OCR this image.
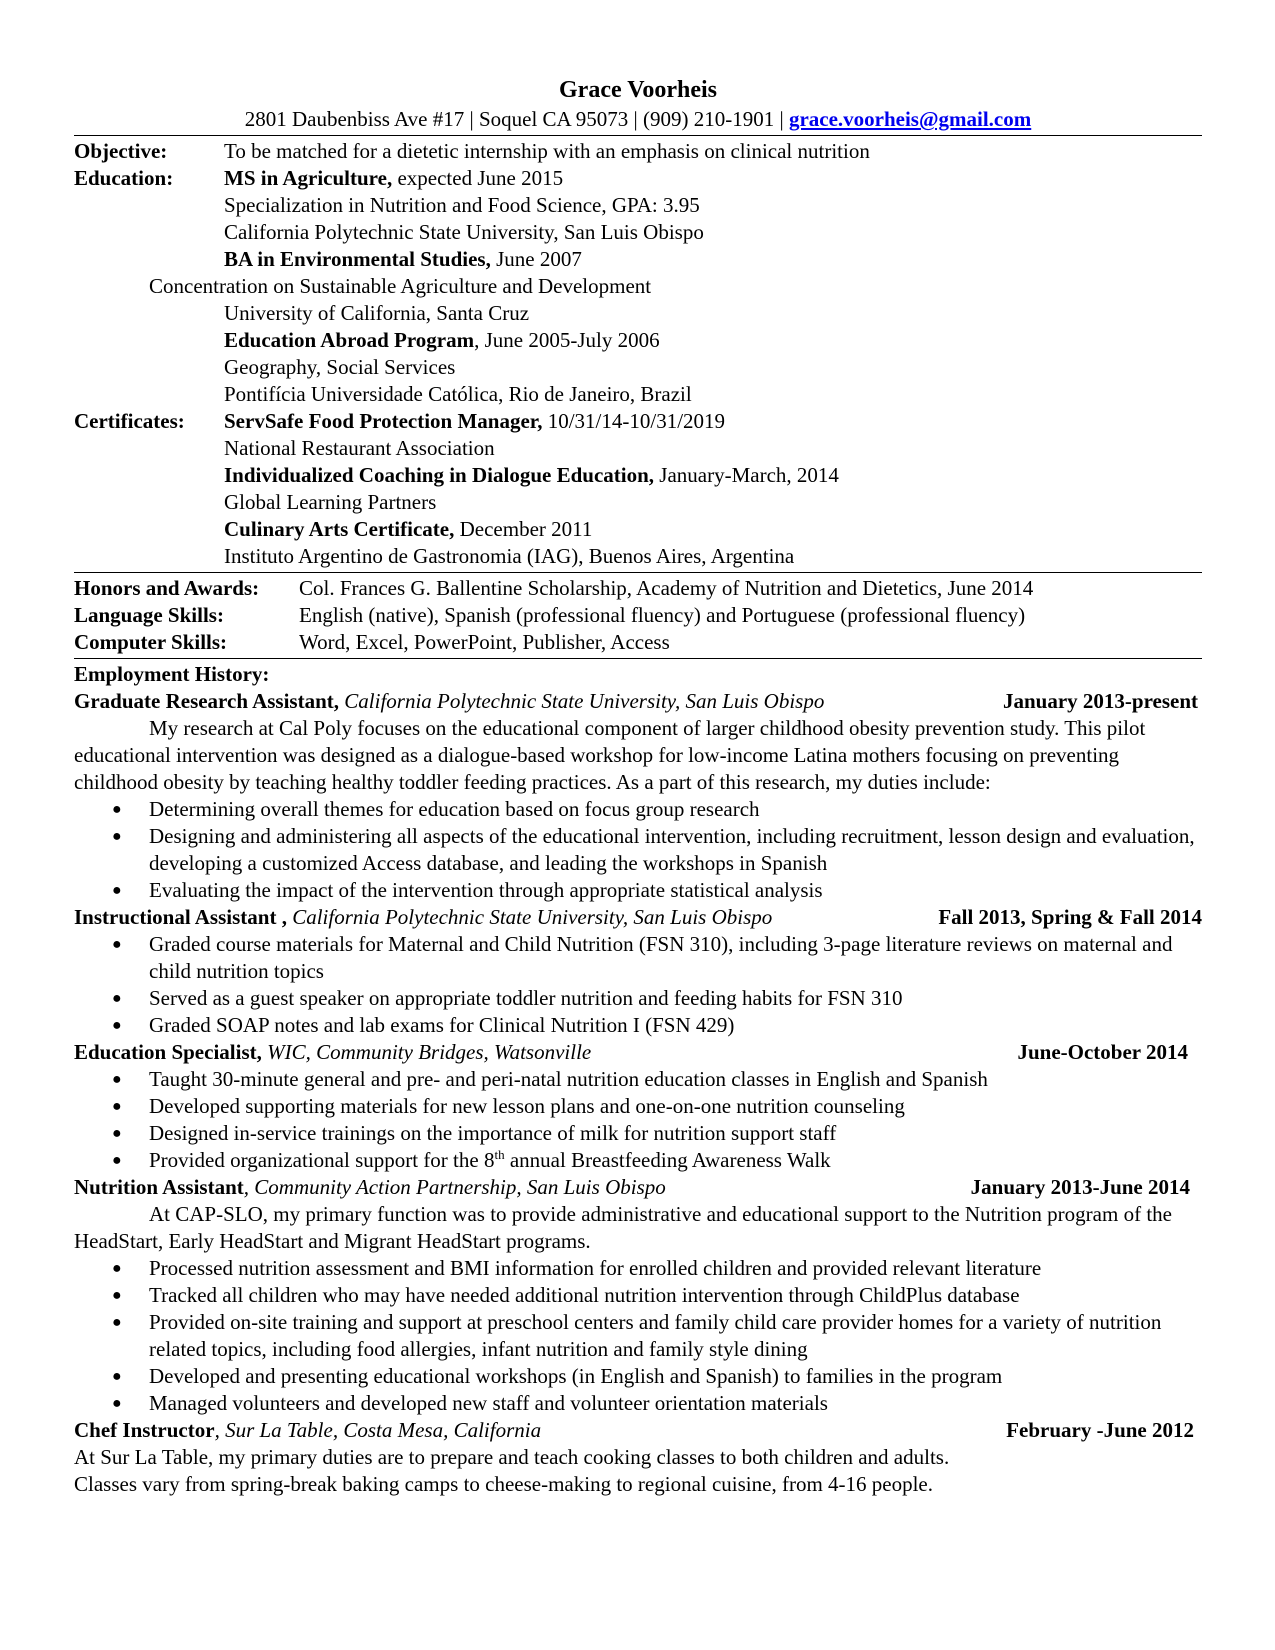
Grace Voorheis
2801 Daubenbiss Ave #17 | Soquel CA 95073 | (909) 210-1901 | grace.voorheis@gmail.com
Objective:	To be matched for a dietetic internship with an emphasis on clinical nutrition
Education:	MS in Agriculture, expected June 2015
Specialization in Nutrition and Food Science, GPA: 3.95
California Polytechnic State University, San Luis Obispo
BA in Environmental Studies, June 2007
Concentration on Sustainable Agriculture and Development
University of California, Santa Cruz
Education Abroad Program, June 2005-July 2006
Geography, Social Services
Pontifícia Universidade Católica, Rio de Janeiro, Brazil
Certificates:	ServSafe Food Protection Manager, 10/31/14-10/31/2019
National Restaurant Association
Individualized Coaching in Dialogue Education, January-March, 2014
Global Learning Partners
Culinary Arts Certificate, December 2011
Instituto Argentino de Gastronomia (IAG), Buenos Aires, Argentina
Honors and Awards:	Col. Frances G. Ballentine Scholarship, Academy of Nutrition and Dietetics, June 2014
Language Skills:	English (native), Spanish (professional fluency) and Portuguese (professional fluency)
Computer Skills:	Word, Excel, PowerPoint, Publisher, Access
Employment History:
Graduate Research Assistant, California Polytechnic State University, San Luis Obispo	January 2013-present
My research at Cal Poly focuses on the educational component of larger childhood obesity prevention study. This pilot educational intervention was designed as a dialogue-based workshop for low-income Latina mothers focusing on preventing childhood obesity by teaching healthy toddler feeding practices. As a part of this research, my duties include:
● Determining overall themes for education based on focus group research
● Designing and administering all aspects of the educational intervention, including recruitment, lesson design and evaluation, developing a customized Access database, and leading the workshops in Spanish
● Evaluating the impact of the intervention through appropriate statistical analysis
Instructional Assistant , California Polytechnic State University, San Luis Obispo	Fall 2013, Spring & Fall 2014
● Graded course materials for Maternal and Child Nutrition (FSN 310), including 3-page literature reviews on maternal and child nutrition topics
● Served as a guest speaker on appropriate toddler nutrition and feeding habits for FSN 310
● Graded SOAP notes and lab exams for Clinical Nutrition I (FSN 429)
Education Specialist, WIC, Community Bridges, Watsonville	June-October 2014
● Taught 30-minute general and pre- and peri-natal nutrition education classes in English and Spanish
● Developed supporting materials for new lesson plans and one-on-one nutrition counseling
● Designed in-service trainings on the importance of milk for nutrition support staff
● Provided organizational support for the 8th annual Breastfeeding Awareness Walk
Nutrition Assistant, Community Action Partnership, San Luis Obispo	January 2013-June 2014
At CAP-SLO, my primary function was to provide administrative and educational support to the Nutrition program of the HeadStart, Early HeadStart and Migrant HeadStart programs.
● Processed nutrition assessment and BMI information for enrolled children and provided relevant literature
● Tracked all children who may have needed additional nutrition intervention through ChildPlus database
● Provided on-site training and support at preschool centers and family child care provider homes for a variety of nutrition related topics, including food allergies, infant nutrition and family style dining
● Developed and presenting educational workshops (in English and Spanish) to families in the program
● Managed volunteers and developed new staff and volunteer orientation materials
Chef Instructor, Sur La Table, Costa Mesa, California	February -June 2012
At Sur La Table, my primary duties are to prepare and teach cooking classes to both children and adults.
Classes vary from spring-break baking camps to cheese-making to regional cuisine, from 4-16 people.
